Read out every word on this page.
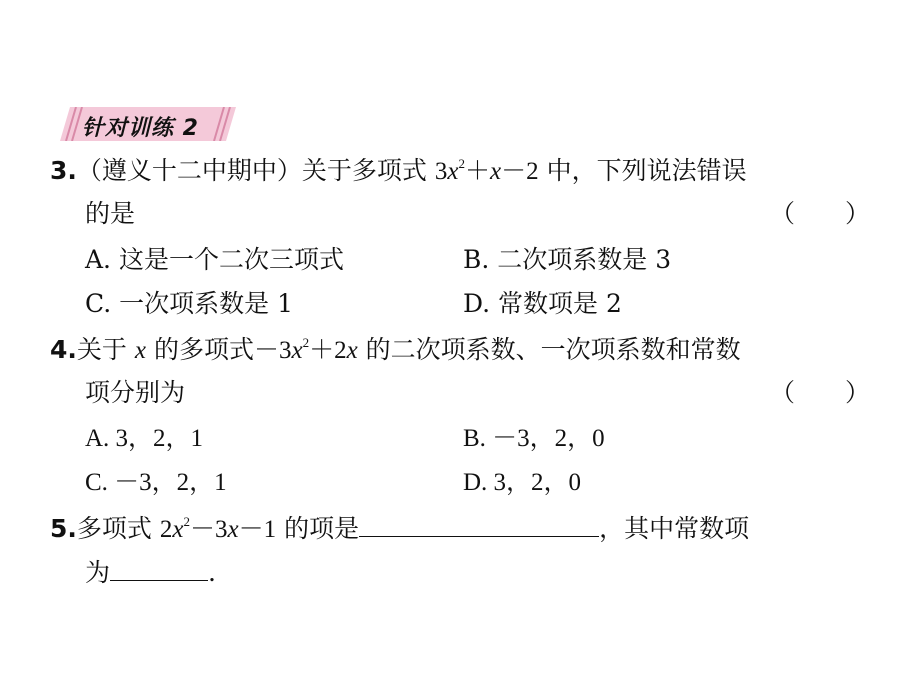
针对训练 2
3.（遵义十二中期中）关于多项式 $3x^2+x-2$ 中，下列说法错误
的是	（　　）
A. 这是一个二次三项式	B. 二次项系数是 3
C. 一次项系数是 1	D. 常数项是 2
4.关于 x 的多项式$-3x^2+2x$ 的二次项系数、一次项系数和常数
项分别为	（　　）
A. 3，2，1	B. －3，2，0
C. －3，2，1	D. 3，2，0
5.多项式 $2x^2-3x-1$ 的项是	，其中常数项
为	.
